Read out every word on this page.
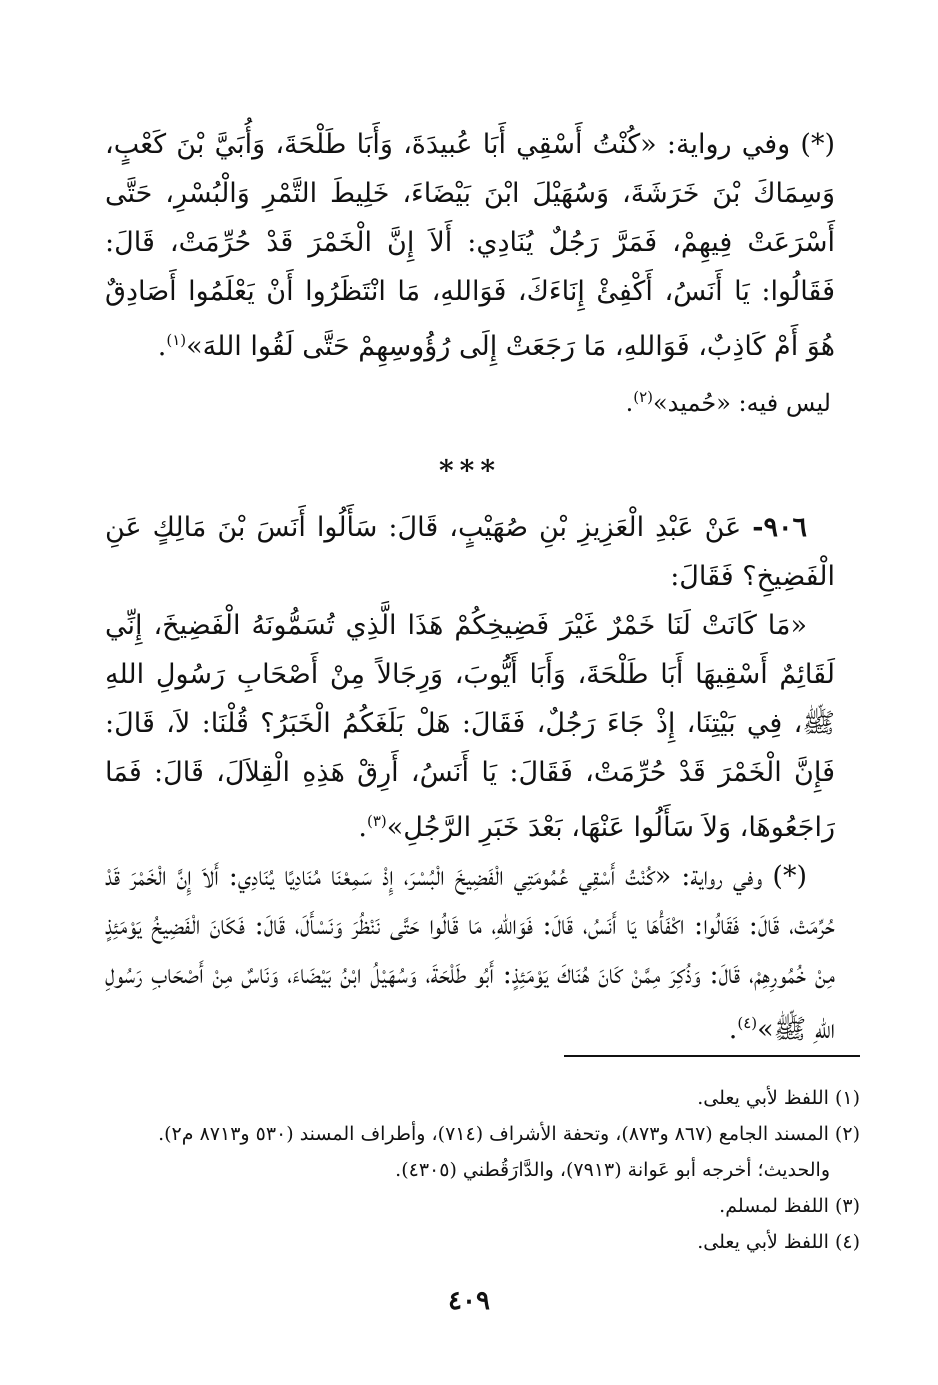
(*) وفي رواية: «كُنْتُ أَسْقِي أَبَا عُبيدَةَ، وَأَبَا طَلْحَةَ، وَأُبَيَّ بْنَ كَعْبٍ، وَسِمَاكَ بْنَ خَرَشَةَ، وَسُهَيْلَ ابْنَ بَيْضَاءَ، خَلِيطَ التَّمْرِ وَالْبُسْرِ، حَتَّى أَسْرَعَتْ فِيهِمْ، فَمَرَّ رَجُلٌ يُنَادِي: أَلاَ إِنَّ الْخَمْرَ قَدْ حُرِّمَتْ، قَالَ: فَقَالُوا: يَا أَنَسُ، أَكْفِئْ إِنَاءَكَ، فَوَاللهِ، مَا انْتَظَرُوا أَنْ يَعْلَمُوا أَصَادِقٌ هُوَ أَمْ كَاذِبٌ، فَوَاللهِ، مَا رَجَعَتْ إِلَى رُؤُوسِهِمْ حَتَّى لَقُوا اللهَ»$^{(١)}$.

ليس فيه: «حُميد»$^{(٢)}$.

***

٩٠٦- عَنْ عَبْدِ الْعَزِيزِ بْنِ صُهَيْبٍ، قَالَ: سَأَلُوا أَنَسَ بْنَ مَالِكٍ عَنِ الْفَضِيخِ؟ فَقَالَ:

«مَا كَانَتْ لَنَا خَمْرٌ غَيْرَ فَضِيخِكُمْ هَذَا الَّذِي تُسَمُّونَهُ الْفَضِيخَ، إِنِّي لَقَائِمٌ أَسْقِيهَا أَبَا طَلْحَةَ، وَأَبَا أَيُّوبَ، وَرِجَالاً مِنْ أَصْحَابِ رَسُولِ اللهِ ﷺ، فِي بَيْتِنَا، إِذْ جَاءَ رَجُلٌ، فَقَالَ: هَلْ بَلَغَكُمُ الْخَبَرُ؟ قُلْنَا: لاَ، قَالَ: فَإِنَّ الْخَمْرَ قَدْ حُرِّمَتْ، فَقَالَ: يَا أَنَسُ، أَرِقْ هَذِهِ الْقِلاَلَ، قَالَ: فَمَا رَاجَعُوهَا، وَلاَ سَأَلُوا عَنْهَا، بَعْدَ خَبَرِ الرَّجُلِ»$^{(٣)}$.

(*) وفي رواية: «كُنْتُ أَسْقِي عُمُومَتِي الْفَضِيخَ الْبُسْرَ، إِذْ سَمِعْنَا مُنَادِيًا يُنَادِي: أَلاَ إِنَّ الْخَمْرَ قَدْ حُرِّمَتْ، قَالَ: فَقَالُوا: اكْفَأْهَا يَا أَنَسُ، قَالَ: فَوَاللهِ، مَا قَالُوا حَتَّى نَنْظُرَ وَنَسْأَلَ، قَالَ: فَكَانَ الْفَضِيخُ يَوْمَئِذٍ مِنْ خُمُورِهِمْ، قَالَ: وَذُكِرَ مِمَّنْ كَانَ هُنَاكَ يَوْمَئِذٍ: أَبُو طَلْحَةَ، وَسُهَيْلُ ابْنُ بَيْضَاءَ، وَنَاسٌ مِنْ أَصْحَابِ رَسُولِ اللهِ ﷺ»$^{(٤)}$.

(١) اللفظ لأبي يعلى.

(٢) المسند الجامع (٨٦٧ و٨٧٣)، وتحفة الأشراف (٧١٤)، وأطراف المسند (٥٣٠ و٨٧١٣ م٢).

والحديث؛ أخرجه أبو عَوانة (٧٩١٣)، والدَّارَقُطني (٤٣٠٥).

(٣) اللفظ لمسلم.

(٤) اللفظ لأبي يعلى.

٤٠٩
